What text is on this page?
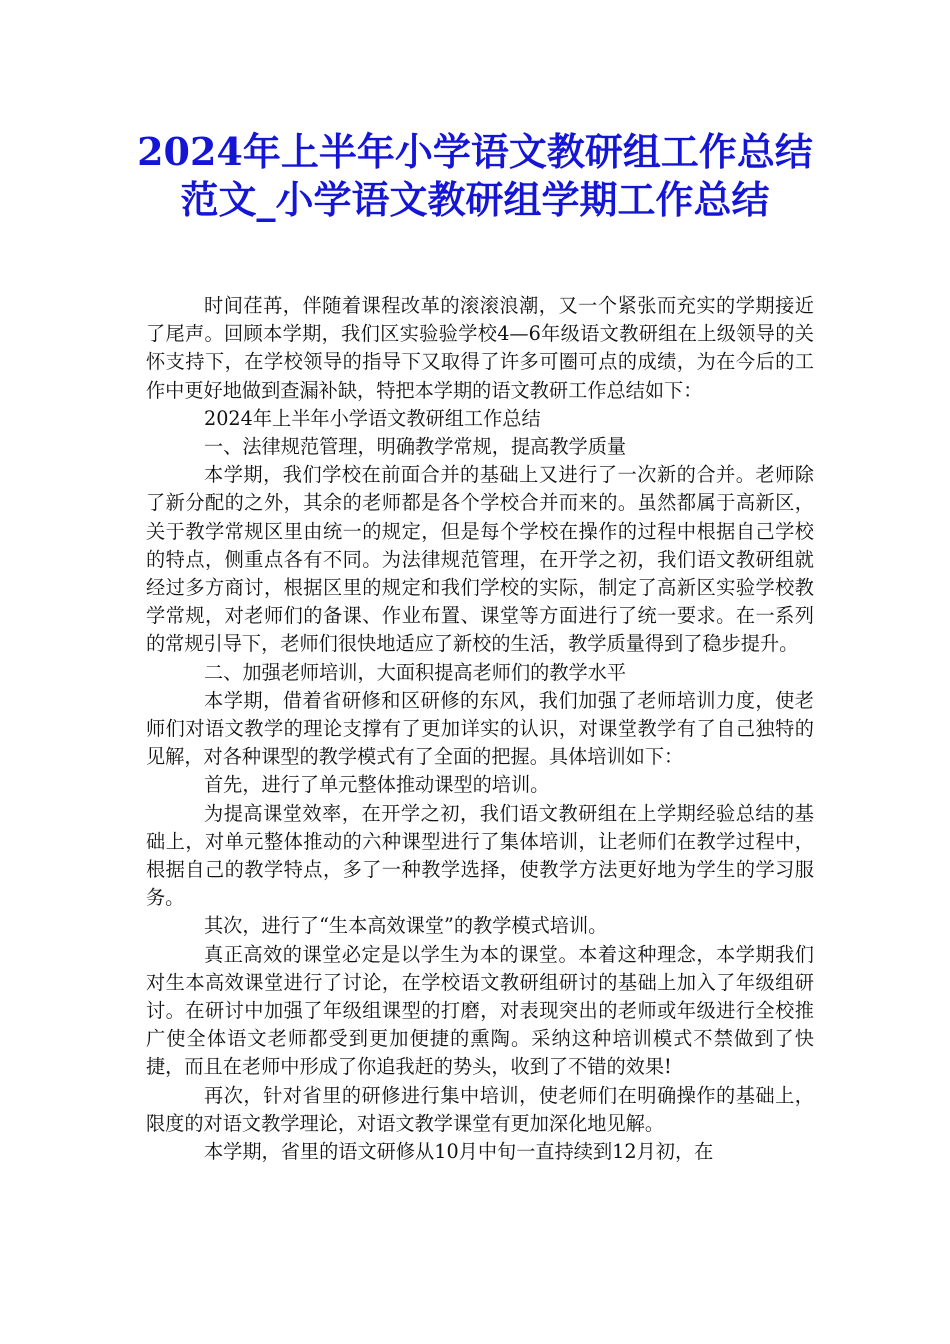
2024年上半年小学语文教研组工作总结范文_小学语文教研组学期工作总结

时间荏苒，伴随着课程改革的滚滚浪潮，又一个紧张而充实的学期接近了尾声。回顾本学期，我们区实验验学校4—6年级语文教研组在上级领导的关怀支持下，在学校领导的指导下又取得了许多可圈可点的成绩，为在今后的工作中更好地做到查漏补缺，特把本学期的语文教研工作总结如下：

2024年上半年小学语文教研组工作总结

一、法律规范管理，明确教学常规，提高教学质量

本学期，我们学校在前面合并的基础上又进行了一次新的合并。老师除了新分配的之外，其余的老师都是各个学校合并而来的。虽然都属于高新区，关于教学常规区里由统一的规定，但是每个学校在操作的过程中根据自己学校的特点，侧重点各有不同。为法律规范管理，在开学之初，我们语文教研组就经过多方商讨，根据区里的规定和我们学校的实际，制定了高新区实验学校教学常规，对老师们的备课、作业布置、课堂等方面进行了统一要求。在一系列的常规引导下，老师们很快地适应了新校的生活，教学质量得到了稳步提升。

二、加强老师培训，大面积提高老师们的教学水平

本学期，借着省研修和区研修的东风，我们加强了老师培训力度，使老师们对语文教学的理论支撑有了更加详实的认识，对课堂教学有了自己独特的见解，对各种课型的教学模式有了全面的把握。具体培训如下：

首先，进行了单元整体推动课型的培训。

为提高课堂效率，在开学之初，我们语文教研组在上学期经验总结的基础上，对单元整体推动的六种课型进行了集体培训，让老师们在教学过程中，根据自己的教学特点，多了一种教学选择，使教学方法更好地为学生的学习服务。

其次，进行了“生本高效课堂”的教学模式培训。

真正高效的课堂必定是以学生为本的课堂。本着这种理念，本学期我们对生本高效课堂进行了讨论，在学校语文教研组研讨的基础上加入了年级组研讨。在研讨中加强了年级组课型的打磨，对表现突出的老师或年级进行全校推广使全体语文老师都受到更加便捷的熏陶。采纳这种培训模式不禁做到了快捷，而且在老师中形成了你追我赶的势头，收到了不错的效果!

再次，针对省里的研修进行集中培训，使老师们在明确操作的基础上，限度的对语文教学理论，对语文教学课堂有更加深化地见解。

本学期，省里的语文研修从10月中旬一直持续到12月初，在
